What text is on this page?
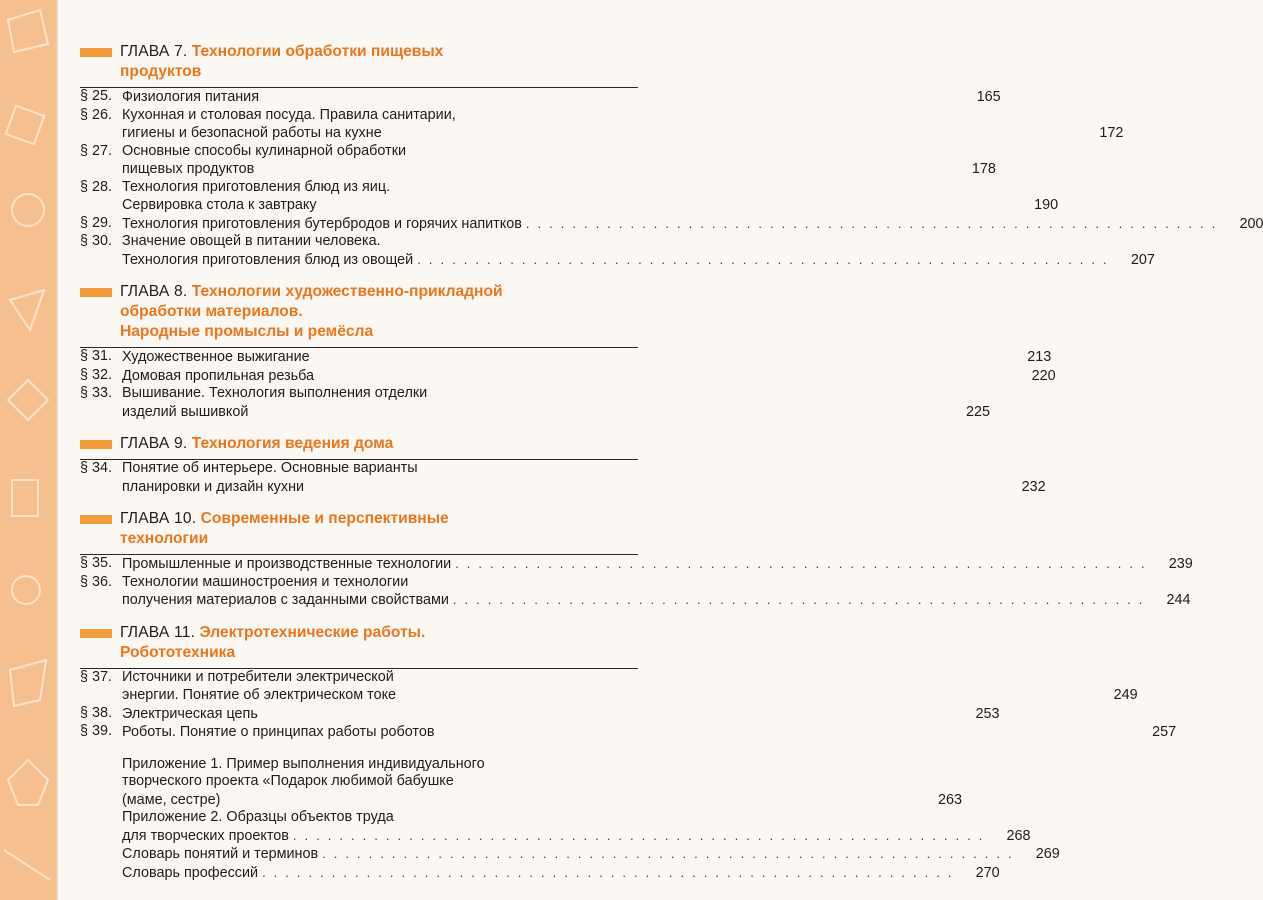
ГЛАВА 7. Технологии обработки пищевых
продуктов
§ 25. Физиология питания	165
§ 26. Кухонная и столовая посуда. Правила санитарии,
гигиены и безопасной работы на кухне	172
§ 27. Основные способы кулинарной обработки
пищевых продуктов	178
§ 28. Технология приготовления блюд из яиц.
Сервировка стола к завтраку	190
§ 29. Технология приготовления бутербродов и горячих напитков . . . . . . . . . . . . . . . . . . . . . . . . . . . . . . . . . . . . . . . . . . . . . . . . . . . . . . . . . . . .	200
§ 30. Значение овощей в питании человека.
Технология приготовления блюд из овощей . . . . . . . . . . . . . . . . . . . . . . . . . . . . . . . . . . . . . . . . . . . . . . . . . . . . . . . . . . . .	207
ГЛАВА 8. Технологии художественно-прикладной
обработки материалов.
Народные промыслы и ремёсла
§ 31. Художественное выжигание	213
§ 32. Домовая пропильная резьба	220
§ 33. Вышивание. Технология выполнения отделки
изделий вышивкой	225
ГЛАВА 9. Технология ведения дома
§ 34. Понятие об интерьере. Основные варианты
планировки и дизайн кухни	232
ГЛАВА 10. Современные и перспективные
технологии
§ 35. Промышленные и производственные технологии . . . . . . . . . . . . . . . . . . . . . . . . . . . . . . . . . . . . . . . . . . . . . . . . . . . . . . . . . . . .	239
§ 36. Технологии машиностроения и технологии
получения материалов с заданными свойствами . . . . . . . . . . . . . . . . . . . . . . . . . . . . . . . . . . . . . . . . . . . . . . . . . . . . . . . . . . . .	244
ГЛАВА 11. Электротехнические работы.
Робототехника
§ 37. Источники и потребители электрической
энергии. Понятие об электрическом токе	249
§ 38. Электрическая цепь	253
§ 39. Роботы. Понятие о принципах работы роботов	257
Приложение 1. Пример выполнения индивидуального
творческого проекта «Подарок любимой бабушке
(маме, сестре)	263
Приложение 2. Образцы объектов труда
для творческих проектов . . . . . . . . . . . . . . . . . . . . . . . . . . . . . . . . . . . . . . . . . . . . . . . . . . . . . . . . . . . .	268
Словарь понятий и терминов . . . . . . . . . . . . . . . . . . . . . . . . . . . . . . . . . . . . . . . . . . . . . . . . . . . . . . . . . . . .	269
Словарь профессий . . . . . . . . . . . . . . . . . . . . . . . . . . . . . . . . . . . . . . . . . . . . . . . . . . . . . . . . . . . .	270
